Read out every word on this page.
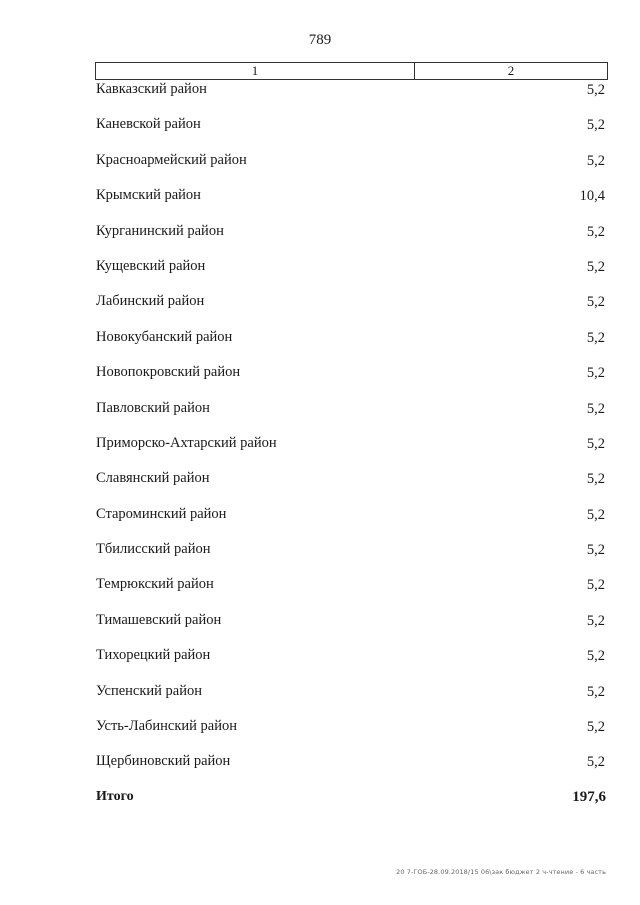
789
1	2
Кавказский район	5,2
Каневской район	5,2
Красноармейский район	5,2
Крымский район	10,4
Курганинский район	5,2
Кущевский район	5,2
Лабинский район	5,2
Новокубанский район	5,2
Новопокровский район	5,2
Павловский район	5,2
Приморско-Ахтарский район	5,2
Славянский район	5,2
Староминский район	5,2
Тбилисский район	5,2
Темрюкский район	5,2
Тимашевский район	5,2
Тихорецкий район	5,2
Успенский район	5,2
Усть-Лабинский район	5,2
Щербиновский район	5,2
Итого	197,6
20 7-ГОБ-28.09.2018/15 06\зак бюджет 2 ч-чтение - 6 часть
